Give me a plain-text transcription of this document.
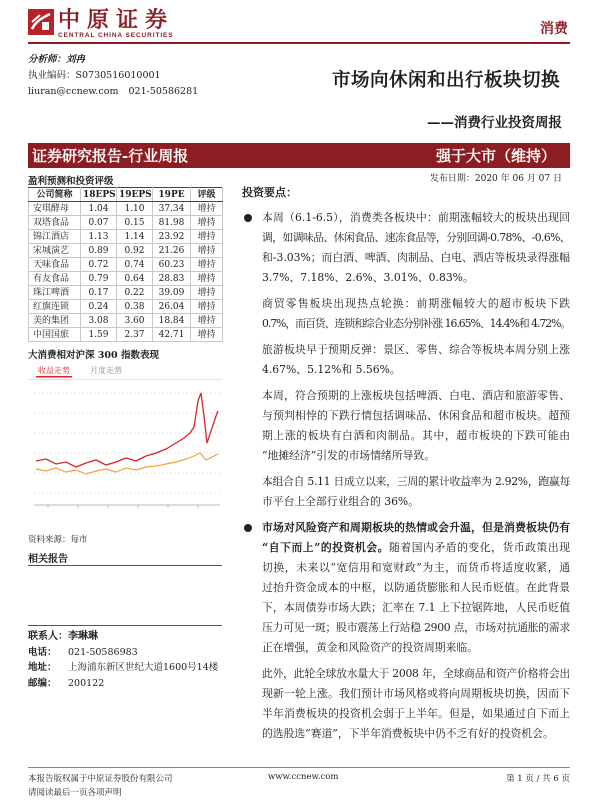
中原证券
CENTRAL CHINA SECURITIES	消费
分析师：刘冉
执业编码：S0730516010001
liuran@ccnew.com 021-50586281
市场向休闲和出行板块切换
——消费行业投资周报
证券研究报告-行业周报	强于大市（维持）
盈利预测和投资评级
公司简称	18EPS	19EPS	19PE	评级
安琪酵母	1.04	1.10	37.34	增持
双塔食品	0.07	0.15	81.98	增持
锦江酒店	1.13	1.14	23.92	增持
宋城演艺	0.89	0.92	21.26	增持
天味食品	0.72	0.74	60.23	增持
有友食品	0.79	0.64	28.83	增持
珠江啤酒	0.17	0.22	39.09	增持
红旗连锁	0.24	0.38	26.04	增持
美的集团	3.08	3.60	18.84	增持
中国国旅	1.59	2.37	42.71	增持
大消费相对沪深 300 指数表现
收益走势	月度走势
资料来源：每市
相关报告
联系人：李琳琳
电话： 021-50586983
地址： 上海浦东新区世纪大道1600号14楼
邮编： 200122
发布日期：2020 年 06 月 07 日
投资要点：
本周（6.1-6.5），消费类各板块中：前期涨幅较大的板块出现回
调，如调味品、休闲食品、速冻食品等，分别回调-0.78%、-0.6%、
和-3.03%；而白酒、啤酒、肉制品、白电、酒店等板块录得涨幅
3.7%、7.18%、2.6%、3.01%、0.83%。
商贸零售板块出现热点轮换：前期涨幅较大的超市板块下跌
0.7%，而百货、连锁和综合业态分别补涨 16.65%、14.4%和 4.72%。
旅游板块早于预期反弹：景区、零售、综合等板块本周分别上涨
4.67%、5.12%和 5.56%。
本周，符合预期的上涨板块包括啤酒、白电、酒店和旅游零售、
与预判相悖的下跌行情包括调味品、休闲食品和超市板块。超预
期上涨的板块有白酒和肉制品。其中，超市板块的下跌可能由
“地摊经济”引发的市场情绪所导致。
本组合自 5.11 日成立以来，三周的累计收益率为 2.92%，跑赢每
市平台上全部行业组合的 36%。
市场对风险资产和周期板块的热情或会升温，但是消费板块仍有
“自下而上”的投资机会。随着国内矛盾的变化，货币政策出现
切换，未来以“宽信用和宽财政”为主，而货币将适度收紧，通
过抬升资金成本的中枢，以防通货膨胀和人民币贬值。在此背景
下，本周债券市场大跌；汇率在 7.1 上下拉锯阵地，人民币贬值
压力可见一斑；股市震荡上行站稳 2900 点，市场对抗通胀的需求
正在增强，黄金和风险资产的投资周期来临。
此外，此轮全球放水量大于 2008 年，全球商品和资产价格将会出
现新一轮上涨。我们预计市场风格或将向周期板块切换，因而下
半年消费板块的投资机会弱于上半年。但是，如果通过自下而上
的选股选“赛道”，下半年消费板块中仍不乏有好的投资机会。
本报告版权属于中原证券股份有限公司	www.ccnew.com	第 1 页 / 共 6 页
请阅读最后一页各项声明
